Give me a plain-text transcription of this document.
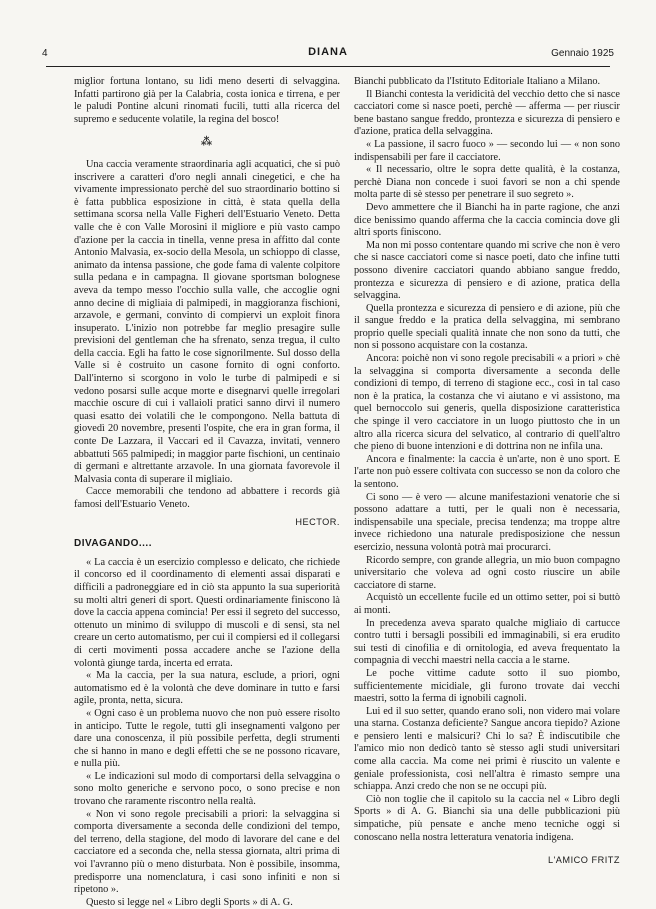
4	DIANA	Gennaio 1925

miglior fortuna lontano, su lidi meno deserti di selvaggina. Infatti partirono già per la Calabria, costa ionica e tirrena, e per le paludi Pontine alcuni rinomati fucili, tutti alla ricerca del supremo e seducente volatile, la regina del bosco!

⁂

Una caccia veramente straordinaria agli acquatici, che si può inscrivere a caratteri d'oro negli annali cinegetici, e che ha vivamente impressionato perchè del suo straordinario bottino si è fatta pubblica esposizione in città, è stata quella della settimana scorsa nella Valle Figheri dell'Estuario Veneto. Detta valle che è con Valle Morosini il migliore e più vasto campo d'azione per la caccia in tinella, venne presa in affitto dal conte Antonio Malvasia, ex-socio della Mesola, un schioppo di classe, animato da intensa passione, che gode fama di valente colpitore sulla pedana e in campagna. Il giovane sportsman bolognese aveva da tempo messo l'occhio sulla valle, che accoglie ogni anno decine di migliaia di palmipedi, in maggioranza fischioni, arzavole, e germani, convinto di compiervi un exploit finora insuperato. L'inizio non potrebbe far meglio presagire sulle previsioni del gentleman che ha sfrenato, senza tregua, il culto della caccia. Egli ha fatto le cose signorilmente. Sul dosso della Valle si è costruito un casone fornito di ogni conforto. Dall'interno si scorgono in volo le turbe di palmipedi e si vedono posarsi sulle acque morte e disegnarvi quelle irregolari macchie oscure di cui i vallaioli pratici sanno dirvi il numero quasi esatto dei volatili che le compongono. Nella battuta di giovedì 20 novembre, presenti l'ospite, che era in gran forma, il conte De Lazzara, il Vaccari ed il Cavazza, invitati, vennero abbattuti 565 palmipedi; in maggior parte fischioni, un centinaio di germani e altrettante arzavole. In una giornata favorevole il Malvasia conta di superare il migliaio.

Cacce memorabili che tendono ad abbattere i records già famosi dell'Estuario Veneto.

HECTOR.
DIVAGANDO....

« La caccia è un esercizio complesso e delicato, che richiede il concorso ed il coordinamento di elementi assai disparati e difficili a padroneggiare ed in ciò sta appunto la sua superiorità su molti altri generi di sport. Questi ordinariamente finiscono là dove la caccia appena comincia! Per essi il segreto del successo, ottenuto un minimo di sviluppo di muscoli e di sensi, sta nel creare un certo automatismo, per cui il compiersi ed il collegarsi di certi movimenti possa accadere anche se l'azione della volontà giunge tarda, incerta ed errata.

« Ma la caccia, per la sua natura, esclude, a priori, ogni automatismo ed è la volontà che deve dominare in tutto e farsi agile, pronta, netta, sicura.

« Ogni caso è un problema nuovo che non può essere risolto in anticipo. Tutte le regole, tutti gli insegnamenti valgono per dare una conoscenza, il più possibile perfetta, degli strumenti che si hanno in mano e degli effetti che se ne possono ricavare, e nulla più.

« Le indicazioni sul modo di comportarsi della selvaggina o sono molto generiche e servono poco, o sono precise e non trovano che raramente riscontro nella realtà.

« Non vi sono regole precisabili a priori: la selvaggina si comporta diversamente a seconda delle condizioni del tempo, del terreno, della stagione, del modo di lavorare del cane e del cacciatore ed a seconda che, nella stessa giornata, altri prima di voi l'avranno più o meno disturbata. Non è possibile, insomma, predisporre una nomenclatura, i casi sono infiniti e non si ripetono ».

Questo si legge nel « Libro degli Sports » di A. G.

Bianchi pubblicato da l'Istituto Editoriale Italiano a Milano.

Il Bianchi contesta la veridicità del vecchio detto che si nasce cacciatori come si nasce poeti, perchè — afferma — per riuscir bene bastano sangue freddo, prontezza e sicurezza di pensiero e d'azione, pratica della selvaggina.

« La passione, il sacro fuoco » — secondo lui — « non sono indispensabili per fare il cacciatore.

« Il necessario, oltre le sopra dette qualità, è la costanza, perchè Diana non concede i suoi favori se non a chi spende molta parte di sè stesso per penetrare il suo segreto ».

Devo ammettere che il Bianchi ha in parte ragione, che anzi dice benissimo quando afferma che la caccia comincia dove gli altri sports finiscono.

Ma non mi posso contentare quando mi scrive che non è vero che si nasce cacciatori come si nasce poeti, dato che infine tutti possono divenire cacciatori quando abbiano sangue freddo, prontezza e sicurezza di pensiero e di azione, pratica della selvaggina.

Quella prontezza e sicurezza di pensiero e di azione, più che il sangue freddo e la pratica della selvaggina, mi sembrano proprio quelle speciali qualità innate che non sono da tutti, che non si possono acquistare con la costanza.

Ancora: poichè non vi sono regole precisabili « a priori » chè la selvaggina si comporta diversamente a seconda delle condizioni di tempo, di terreno di stagione ecc., così in tal caso non è la pratica, la costanza che vi aiutano e vi assistono, ma quel bernoccolo sui generis, quella disposizione caratteristica che spinge il vero cacciatore in un luogo piuttosto che in un altro alla ricerca sicura del selvatico, al contrario di quell'altro che pieno di buone intenzioni e di dottrina non ne infila una.

Ancora e finalmente: la caccia è un'arte, non è uno sport. E l'arte non può essere coltivata con successo se non da coloro che la sentono.

Ci sono — è vero — alcune manifestazioni venatorie che si possono adattare a tutti, per le quali non è necessaria, indispensabile una speciale, precisa tendenza; ma troppe altre invece richiedono una naturale predisposizione che nessun esercizio, nessuna volontà potrà mai procurarci.

Ricordo sempre, con grande allegria, un mio buon compagno universitario che voleva ad ogni costo riuscire un abile cacciatore di starne.

Acquistò un eccellente fucile ed un ottimo setter, poi si buttò ai monti.

In precedenza aveva sparato qualche migliaio di cartucce contro tutti i bersagli possibili ed immaginabili, si era erudito sui testi di cinofilia e di ornitologia, ed aveva frequentato la compagnia di vecchi maestri nella caccia a le starne.

Le poche vittime cadute sotto il suo piombo, sufficientemente micidiale, gli furono trovate dai vecchi maestri, sotto la ferma di ignobili cagnoli.

Lui ed il suo setter, quando erano soli, non videro mai volare una starna. Costanza deficiente? Sangue ancora tiepido? Azione e pensiero lenti e malsicuri? Chi lo sa? È indiscutibile che l'amico mio non dedicò tanto sè stesso agli studi universitari come alla caccia. Ma come nei primi è riuscito un valente e geniale professionista, così nell'altra è rimasto sempre una schiappa. Anzi credo che non se ne occupi più.

Ciò non toglie che il capitolo su la caccia nel « Libro degli Sports » di A. G. Bianchi sia una delle pubblicazioni più simpatiche, più pensate e anche meno tecniche oggi si conoscano nella nostra letteratura venatoria indigena.

L'AMICO FRITZ
